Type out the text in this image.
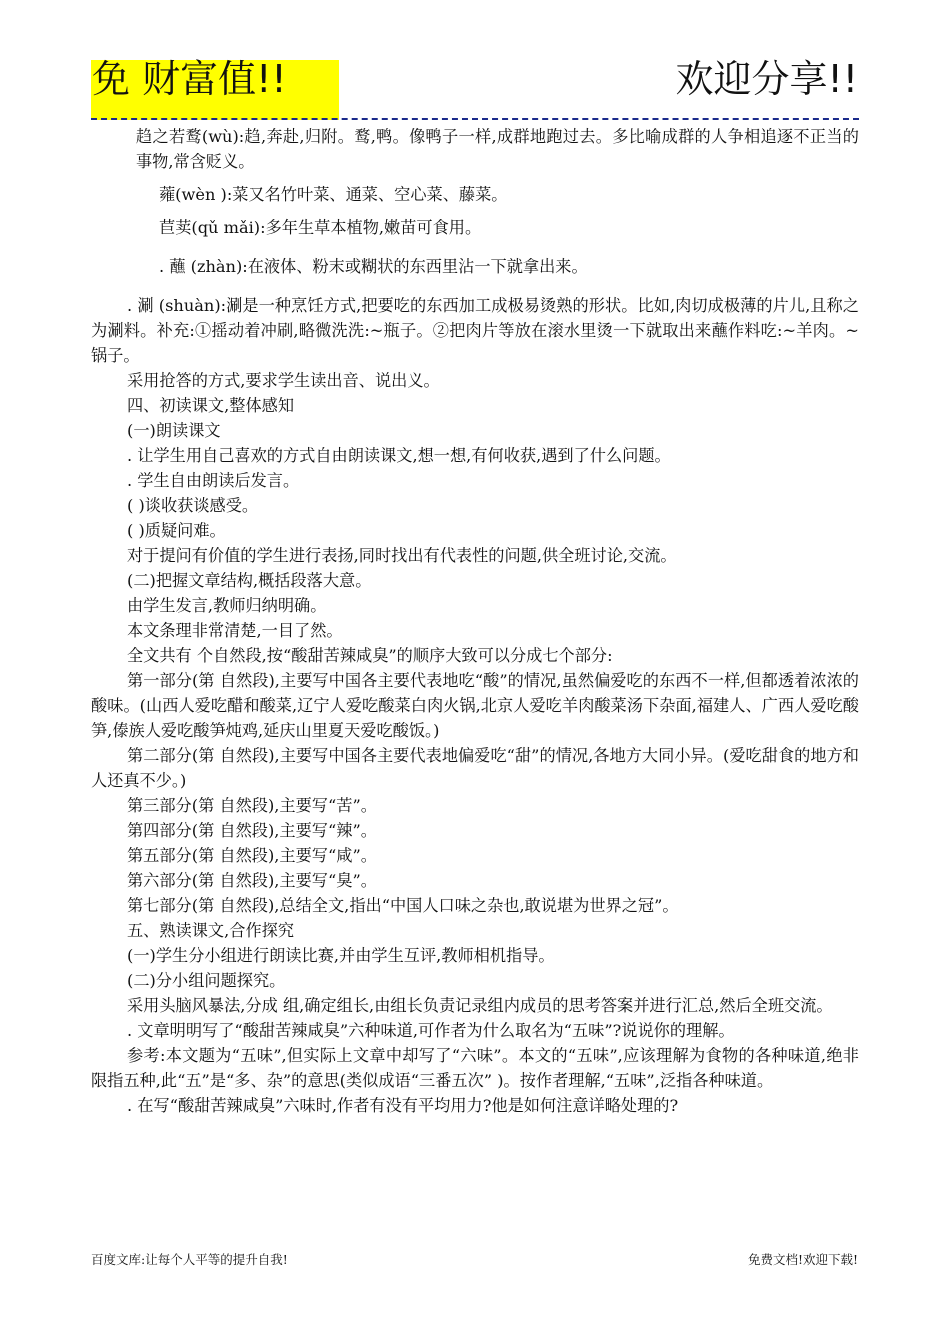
免 财富值!!	欢迎分享!!

趋之若鹜(wù):趋,奔赴,归附。鹜,鸭。像鸭子一样,成群地跑过去。多比喻成群的人争相追逐不正当的事物,常含贬义。

蕹(wèn ):菜又名竹叶菜、通菜、空心菜、藤菜。

苣荬(qǔ mǎi):多年生草本植物,嫩苗可食用。

. 蘸 (zhàn):在液体、粉末或糊状的东西里沾一下就拿出来。

. 涮 (shuàn):涮是一种烹饪方式,把要吃的东西加工成极易烫熟的形状。比如,肉切成极薄的片儿,且称之为涮料。补充:①摇动着冲刷,略微洗洗:~瓶子。②把肉片等放在滚水里烫一下就取出来蘸作料吃:~羊肉。~锅子。

采用抢答的方式,要求学生读出音、说出义。

四、初读课文,整体感知

(一)朗读课文

. 让学生用自己喜欢的方式自由朗读课文,想一想,有何收获,遇到了什么问题。

. 学生自由朗读后发言。

( )谈收获谈感受。

( )质疑问难。

对于提问有价值的学生进行表扬,同时找出有代表性的问题,供全班讨论,交流。

(二)把握文章结构,概括段落大意。

由学生发言,教师归纳明确。

本文条理非常清楚,一目了然。

全文共有 个自然段,按“酸甜苦辣咸臭”的顺序大致可以分成七个部分:

第一部分(第 自然段),主要写中国各主要代表地吃“酸”的情况,虽然偏爱吃的东西不一样,但都透着浓浓的酸味。(山西人爱吃醋和酸菜,辽宁人爱吃酸菜白肉火锅,北京人爱吃羊肉酸菜汤下杂面,福建人、广西人爱吃酸笋,傣族人爱吃酸笋炖鸡,延庆山里夏天爱吃酸饭。)

第二部分(第 自然段),主要写中国各主要代表地偏爱吃“甜”的情况,各地方大同小异。(爱吃甜食的地方和人还真不少。)

第三部分(第 自然段),主要写“苦”。

第四部分(第 自然段),主要写“辣”。

第五部分(第 自然段),主要写“咸”。

第六部分(第 自然段),主要写“臭”。

第七部分(第 自然段),总结全文,指出“中国人口味之杂也,敢说堪为世界之冠”。

五、熟读课文,合作探究

(一)学生分小组进行朗读比赛,并由学生互评,教师相机指导。

(二)分小组问题探究。

采用头脑风暴法,分成 组,确定组长,由组长负责记录组内成员的思考答案并进行汇总,然后全班交流。

. 文章明明写了“酸甜苦辣咸臭”六种味道,可作者为什么取名为“五味”?说说你的理解。

参考:本文题为“五味”,但实际上文章中却写了“六味”。本文的“五味”,应该理解为食物的各种味道,绝非限指五种,此“五”是“多、杂”的意思(类似成语“三番五次” )。按作者理解,“五味”,泛指各种味道。

. 在写“酸甜苦辣咸臭”六味时,作者有没有平均用力?他是如何注意详略处理的?

百度文库:让每个人平等的提升自我!	免费文档!欢迎下载!
